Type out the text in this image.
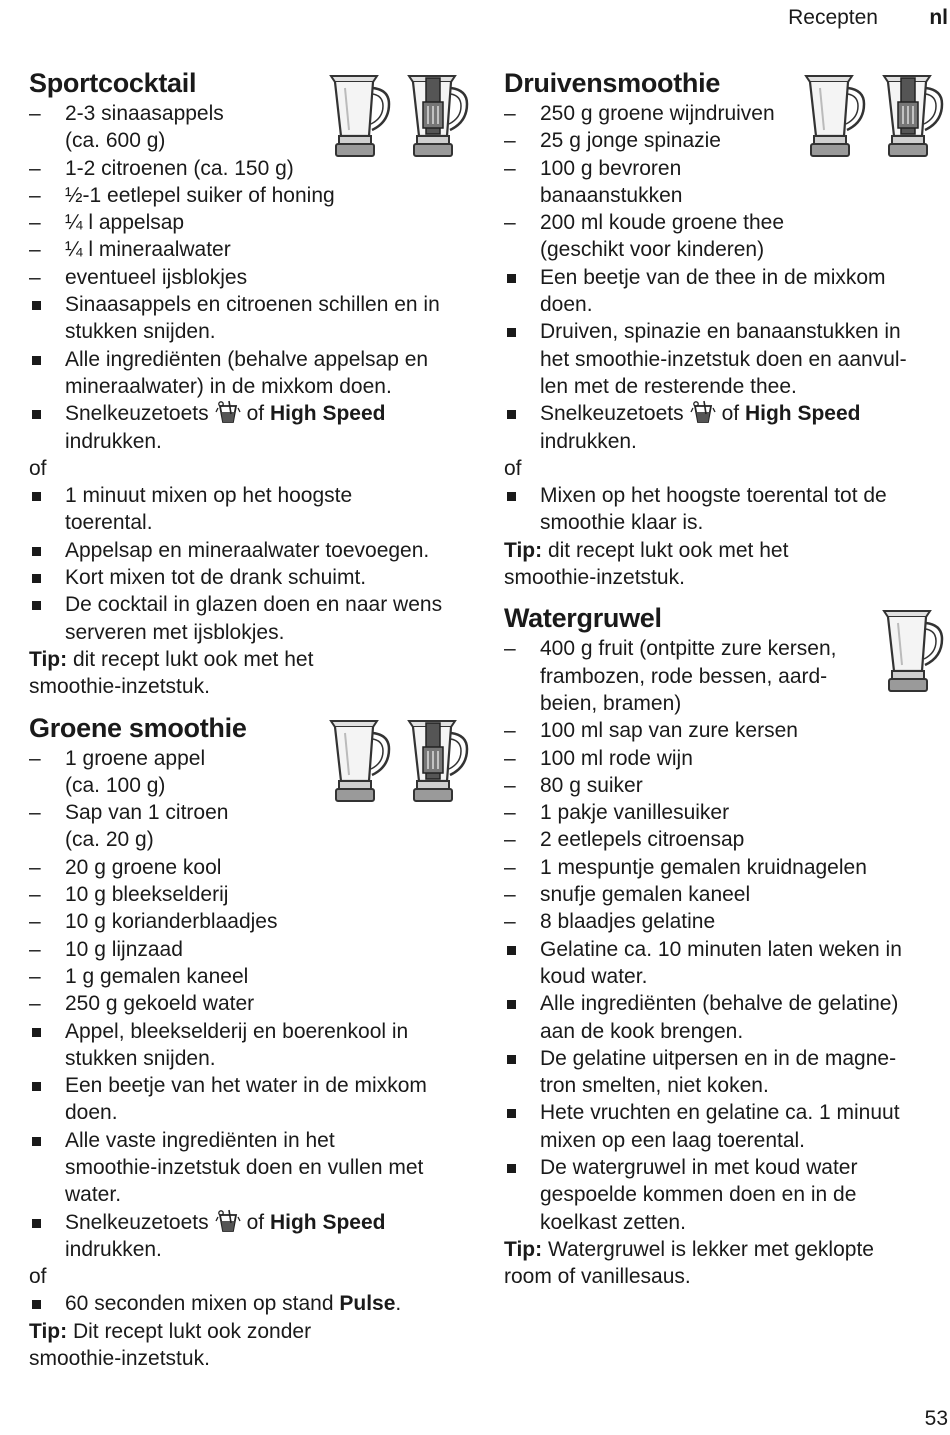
Recepten nl
Sportcocktail
–	2-3 sinaasappels
(ca. 600 g)
–	1-2 citroenen (ca. 150 g)
–	½-1 eetlepel suiker of honing
–	¼ l appelsap
–	¼ l mineraalwater
–	eventueel ijsblokjes
Sinaasappels en citroenen schillen en in
stukken snijden.
Alle ingrediënten (behalve appelsap en
mineraalwater) in de mixkom doen.
Snelkeuzetoets of High Speed
indrukken.
of
1 minuut mixen op het hoogste
toerental.
Appelsap en mineraalwater toevoegen.
Kort mixen tot de drank schuimt.
De cocktail in glazen doen en naar wens
serveren met ijsblokjes.
Tip: dit recept lukt ook met het
smoothie-inzetstuk.
Groene smoothie
–	1 groene appel
(ca. 100 g)
–	Sap van 1 citroen
(ca. 20 g)
–	20 g groene kool
–	10 g bleekselderij
–	10 g korianderblaadjes
–	10 g lijnzaad
–	1 g gemalen kaneel
–	250 g gekoeld water
Appel, bleekselderij en boerenkool in
stukken snijden.
Een beetje van het water in de mixkom
doen.
Alle vaste ingrediënten in het
smoothie-inzetstuk doen en vullen met
water.
Snelkeuzetoets of High Speed
indrukken.
of
60 seconden mixen op stand Pulse.
Tip: Dit recept lukt ook zonder
smoothie-inzetstuk.
Druivensmoothie
–	250 g groene wijndruiven
–	25 g jonge spinazie
–	100 g bevroren
banaanstukken
–	200 ml koude groene thee
(geschikt voor kinderen)
Een beetje van de thee in de mixkom
doen.
Druiven, spinazie en banaanstukken in
het smoothie-inzetstuk doen en aanvul-
len met de resterende thee.
Snelkeuzetoets of High Speed
indrukken.
of
Mixen op het hoogste toerental tot de
smoothie klaar is.
Tip: dit recept lukt ook met het
smoothie-inzetstuk.
Watergruwel
–	400 g fruit (ontpitte zure kersen,
frambozen, rode bessen, aard-
beien, bramen)
–	100 ml sap van zure kersen
–	100 ml rode wijn
–	80 g suiker
–	1 pakje vanillesuiker
–	2 eetlepels citroensap
–	1 mespuntje gemalen kruidnagelen
–	snufje gemalen kaneel
–	8 blaadjes gelatine
Gelatine ca. 10 minuten laten weken in
koud water.
Alle ingrediënten (behalve de gelatine)
aan de kook brengen.
De gelatine uitpersen en in de magne-
tron smelten, niet koken.
Hete vruchten en gelatine ca. 1 minuut
mixen op een laag toerental.
De watergruwel in met koud water
gespoelde kommen doen en in de
koelkast zetten.
Tip: Watergruwel is lekker met geklopte
room of vanillesaus.
53
